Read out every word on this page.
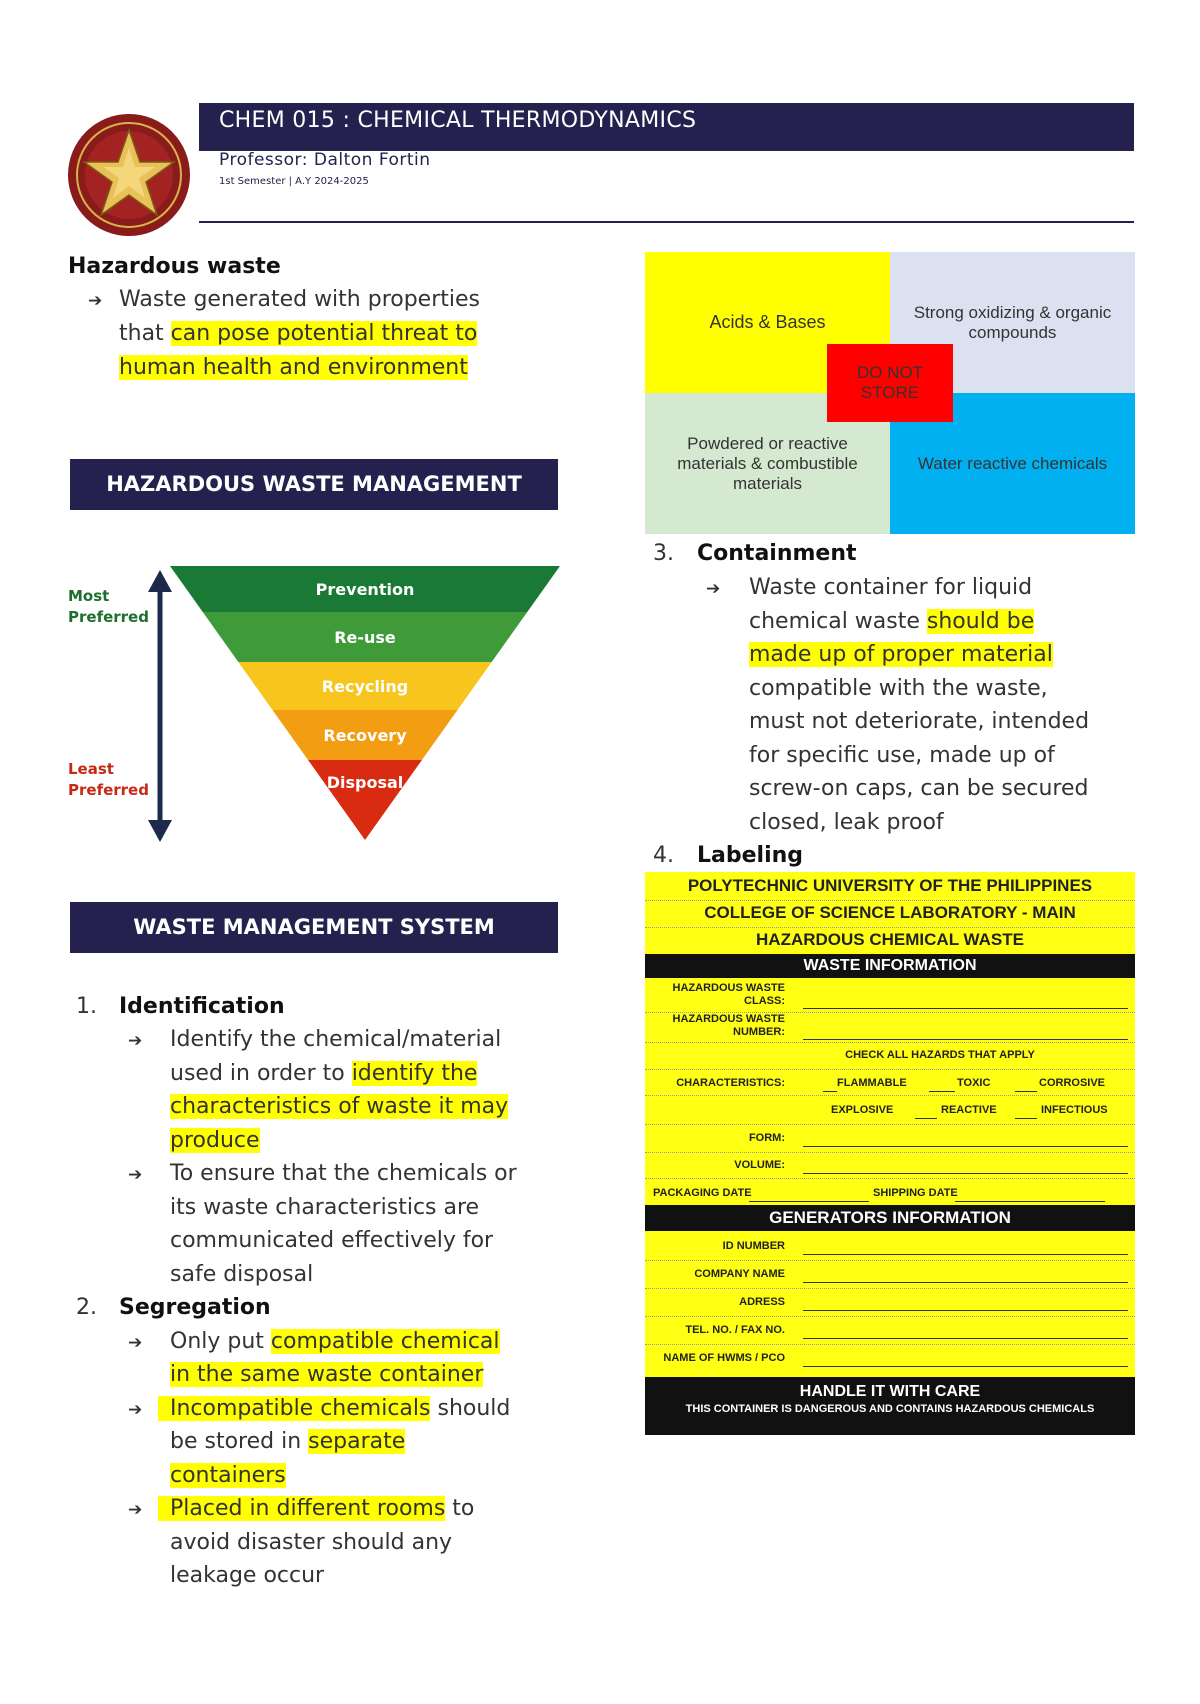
CHEM 015 : CHEMICAL THERMODYNAMICS
Professor: Dalton Fortin
1st Semester | A.Y 2024-2025
Hazardous waste
➔ Waste generated with properties
that can pose potential threat to
human health and environment
HAZARDOUS WASTE MANAGEMENT
Most
Preferred
Least
Preferred
Prevention
Re-use
Recycling
Recovery
Disposal
WASTE MANAGEMENT SYSTEM
1. Identification
➔ Identify the chemical/material
used in order to identify the
characteristics of waste it may
produce
➔ To ensure that the chemicals or
its waste characteristics are
communicated effectively for
safe disposal
2. Segregation
➔ Only put compatible chemical
in the same waste container
➔	Incompatible chemicals should
be stored in separate
containers
➔	Placed in different rooms to
avoid disaster should any
leakage occur
Acids & Bases	Strong oxidizing & organic compounds
Powdered or reactive materials & combustible materials
Water reactive chemicals
DO NOT STORE
3. Containment
➔ Waste container for liquid
chemical waste should be
made up of proper material
compatible with the waste,
must not deteriorate, intended
for specific use, made up of
screw-on caps, can be secured
closed, leak proof
4. Labeling
POLYTECHNIC UNIVERSITY OF THE PHILIPPINES
COLLEGE OF SCIENCE LABORATORY - MAIN
HAZARDOUS CHEMICAL WASTE
WASTE INFORMATION
HAZARDOUS WASTE
CLASS:
HAZARDOUS WASTE
NUMBER:
CHECK ALL HAZARDS THAT APPLY
CHARACTERISTICS:	FLAMMABLE	TOXIC	CORROSIVE
EXPLOSIVE	REACTIVE	INFECTIOUS
FORM:
VOLUME:
PACKAGING DATE	SHIPPING DATE
GENERATORS INFORMATION
ID NUMBER
COMPANY NAME
ADRESS
TEL. NO. / FAX NO.
NAME OF HWMS / PCO
HANDLE IT WITH CARE
THIS CONTAINER IS DANGEROUS AND CONTAINS HAZARDOUS CHEMICALS
